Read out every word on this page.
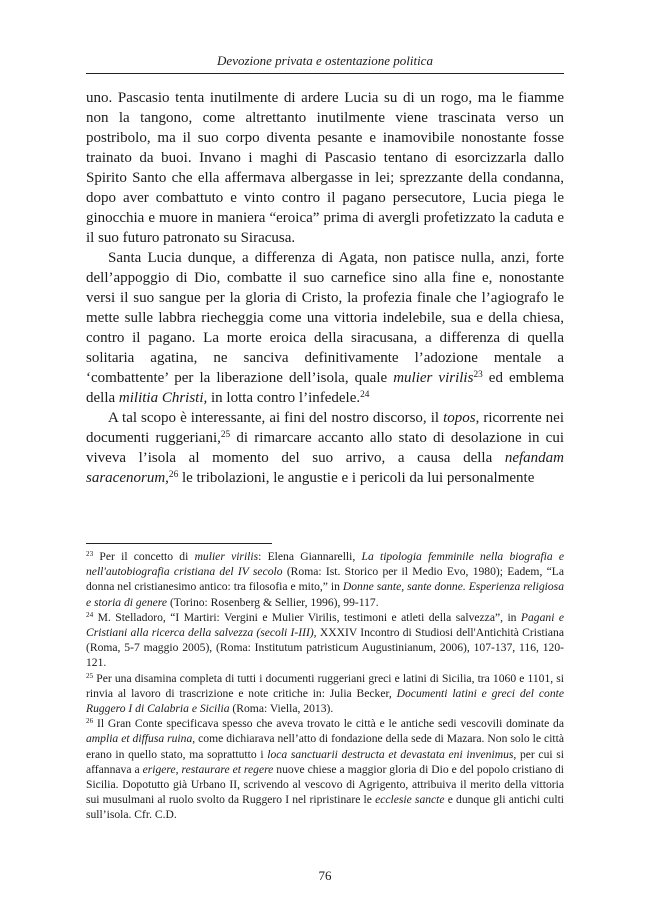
Devozione privata e ostentazione politica

uno. Pascasio tenta inutilmente di ardere Lucia su di un rogo, ma le fiamme non la tangono, come altrettanto inutilmente viene trascinata verso un postribolo, ma il suo corpo diventa pesante e inamovibile nonostante fosse trainato da buoi. Invano i maghi di Pascasio tentano di esorcizzarla dallo Spirito Santo che ella affermava albergasse in lei; sprezzante della condanna, dopo aver combattuto e vinto contro il pagano persecutore, Lucia piega le ginocchia e muore in maniera “eroica” prima di avergli profetizzato la caduta e il suo futuro patronato su Siracusa.

Santa Lucia dunque, a differenza di Agata, non patisce nulla, anzi, forte dell’appoggio di Dio, combatte il suo carnefice sino alla fine e, nonostante versi il suo sangue per la gloria di Cristo, la profezia finale che l’agiografo le mette sulle labbra riecheggia come una vittoria indelebile, sua e della chiesa, contro il pagano. La morte eroica della siracusana, a differenza di quella solitaria agatina, ne sanciva definitivamente l’adozione mentale a ‘combattente’ per la liberazione dell’isola, quale mulier virilis$^{23}$ ed emblema della militia Christi, in lotta contro l’infedele.$^{24}$

A tal scopo è interessante, ai fini del nostro discorso, il topos, ricorrente nei documenti ruggeriani,$^{25}$ di rimarcare accanto allo stato di desolazione in cui viveva l’isola al momento del suo arrivo, a causa della nefandam saracenorum,$^{26}$ le tribolazioni, le angustie e i pericoli da lui personalmente

$^{23}$ Per il concetto di mulier virilis: Elena Giannarelli, La tipologia femminile nella biografia e nell'autobiografia cristiana del IV secolo (Roma: Ist. Storico per il Medio Evo, 1980); Eadem, “La donna nel cristianesimo antico: tra filosofia e mito,” in Donne sante, sante donne. Esperienza religiosa e storia di genere (Torino: Rosenberg & Sellier, 1996), 99-117.

$^{24}$ M. Stelladoro, “I Martiri: Vergini e Mulier Virilis, testimoni e atleti della salvezza”, in Pagani e Cristiani alla ricerca della salvezza (secoli I-III), XXXIV Incontro di Studiosi dell'Antichità Cristiana (Roma, 5-7 maggio 2005), (Roma: Institutum patristicum Augustinianum, 2006), 107-137, 116, 120-121.

$^{25}$ Per una disamina completa di tutti i documenti ruggeriani greci e latini di Sicilia, tra 1060 e 1101, si rinvia al lavoro di trascrizione e note critiche in: Julia Becker, Documenti latini e greci del conte Ruggero I di Calabria e Sicilia (Roma: Viella, 2013).

$^{26}$ Il Gran Conte specificava spesso che aveva trovato le città e le antiche sedi vescovili dominate da amplia et diffusa ruina, come dichiarava nell’atto di fondazione della sede di Mazara. Non solo le città erano in quello stato, ma soprattutto i loca sanctuarii destructa et devastata eni invenimus, per cui si affannava a erigere, restaurare et regere nuove chiese a maggior gloria di Dio e del popolo cristiano di Sicilia. Dopotutto già Urbano II, scrivendo al vescovo di Agrigento, attribuiva il merito della vittoria sui musulmani al ruolo svolto da Ruggero I nel ripristinare le ecclesie sancte e dunque gli antichi culti sull’isola. Cfr. C.D.

76
